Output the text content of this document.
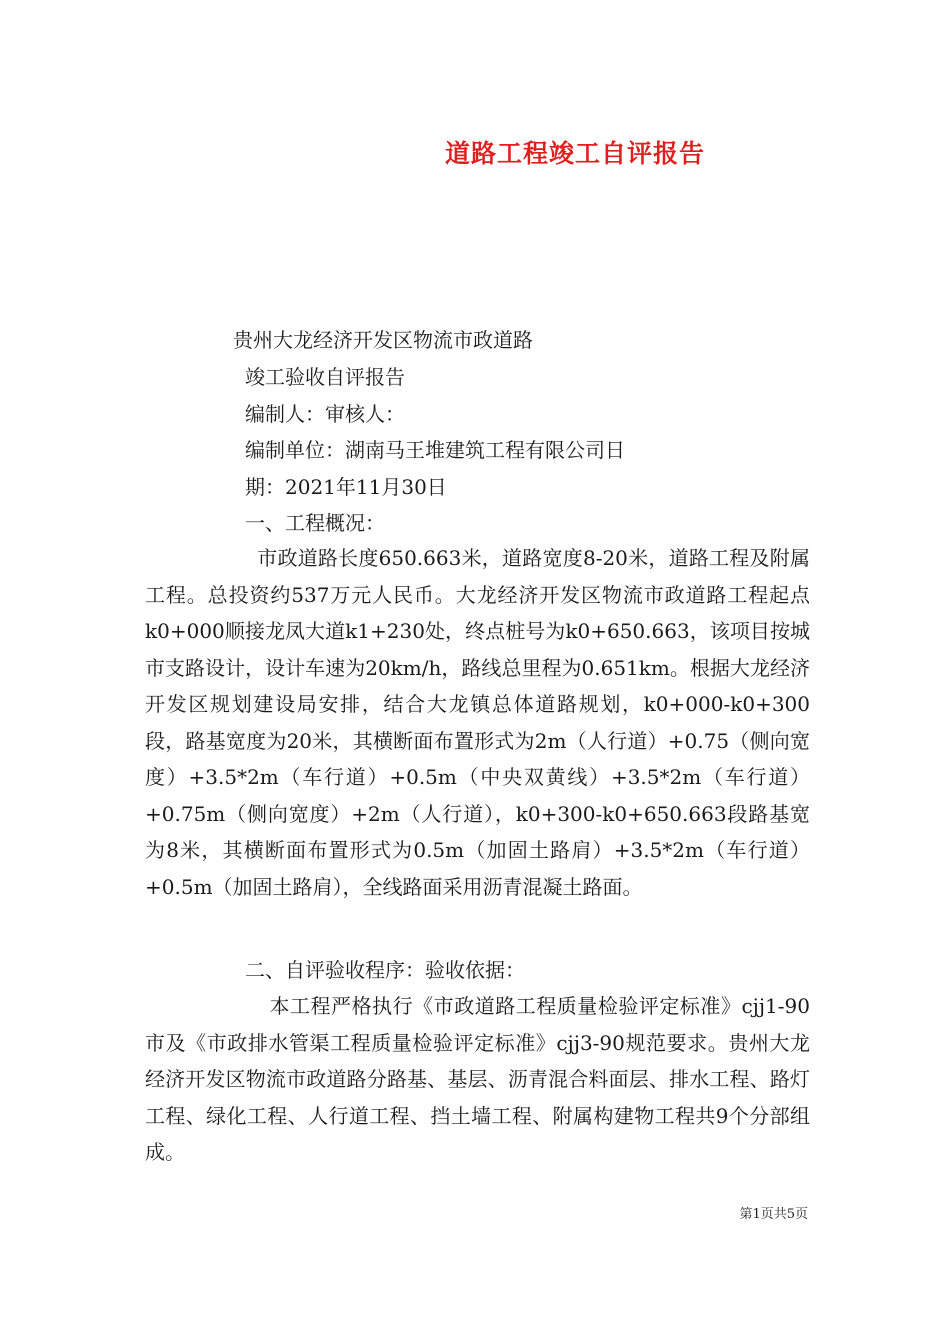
道路工程竣工自评报告
贵州大龙经济开发区物流市政道路
竣工验收自评报告
编制人：审核人：
编制单位：湖南马王堆建筑工程有限公司日
期：2021年11月30日
一、工程概况：

市政道路长度650.663米，道路宽度8-20米，道路工程及附属工程。总投资约537万元人民币。大龙经济开发区物流市政道路工程起点k0+000顺接龙凤大道k1+230处，终点桩号为k0+650.663，该项目按城市支路设计，设计车速为20km/h，路线总里程为0.651km。根据大龙经济开发区规划建设局安排，结合大龙镇总体道路规划，k0+000-k0+300段，路基宽度为20米，其横断面布置形式为2m（人行道）+0.75（侧向宽度）+3.5*2m（车行道）+0.5m（中央双黄线）+3.5*2m（车行道）+0.75m（侧向宽度）+2m（人行道），k0+300-k0+650.663段路基宽为8米，其横断面布置形式为0.5m（加固土路肩）+3.5*2m（车行道）+0.5m（加固土路肩），全线路面采用沥青混凝土路面。

二、自评验收程序：验收依据：

本工程严格执行《市政道路工程质量检验评定标准》cjj1-90市及《市政排水管渠工程质量检验评定标准》cjj3-90规范要求。贵州大龙经济开发区物流市政道路分路基、基层、沥青混合料面层、排水工程、路灯工程、绿化工程、人行道工程、挡土墙工程、附属构建物工程共9个分部组成。

第1页共5页
